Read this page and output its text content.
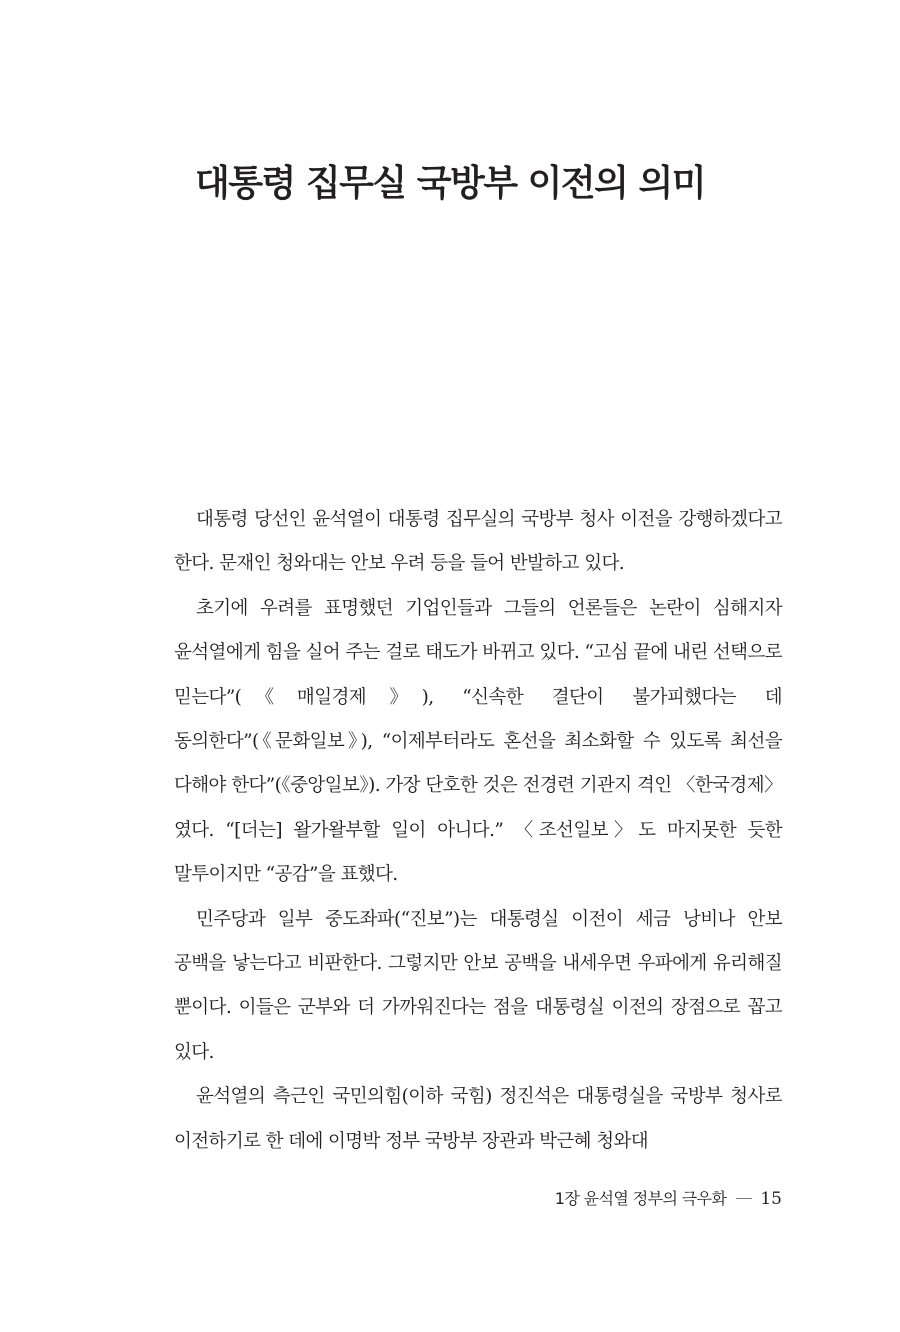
대통령 집무실 국방부 이전의 의미

대통령 당선인 윤석열이 대통령 집무실의 국방부 청사 이전을 강행하겠다고 한다. 문재인 청와대는 안보 우려 등을 들어 반발하고 있다.

초기에 우려를 표명했던 기업인들과 그들의 언론들은 논란이 심해지자 윤석열에게 힘을 실어 주는 걸로 태도가 바뀌고 있다. “고심 끝에 내린 선택으로 믿는다”(《매일경제》), “신속한 결단이 불가피했다는 데 동의한다”(《문화일보》), “이제부터라도 혼선을 최소화할 수 있도록 최선을 다해야 한다”(《중앙일보》). 가장 단호한 것은 전경련 기관지 격인 〈한국경제〉였다. “[더는] 왈가왈부할 일이 아니다.” 〈조선일보〉도 마지못한 듯한 말투이지만 “공감”을 표했다.

민주당과 일부 중도좌파(“진보”)는 대통령실 이전이 세금 낭비나 안보 공백을 낳는다고 비판한다. 그렇지만 안보 공백을 내세우면 우파에게 유리해질 뿐이다. 이들은 군부와 더 가까워진다는 점을 대통령실 이전의 장점으로 꼽고 있다.

윤석열의 측근인 국민의힘(이하 국힘) 정진석은 대통령실을 국방부 청사로 이전하기로 한 데에 이명박 정부 국방부 장관과 박근혜 청와대

1장 윤석열 정부의 극우화 15
